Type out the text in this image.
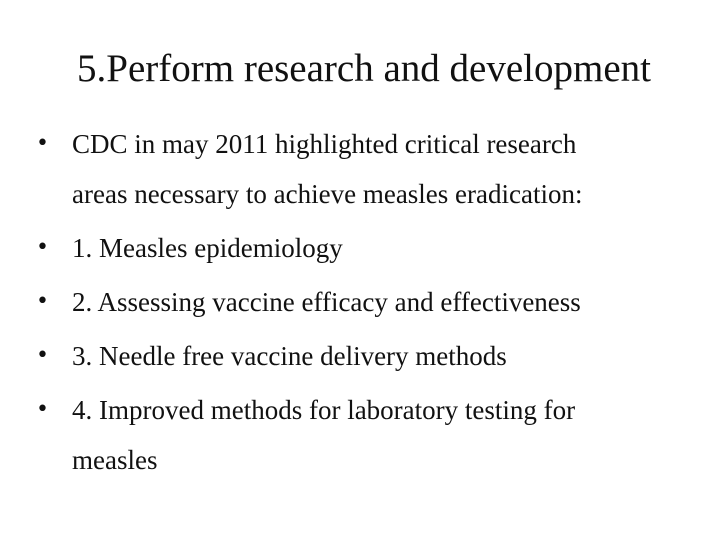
5.Perform research and development
• CDC in may 2011 highlighted critical research
areas necessary to achieve measles eradication:
• 1. Measles epidemiology
• 2. Assessing vaccine efficacy and effectiveness
• 3. Needle free vaccine delivery methods
• 4. Improved methods for laboratory testing for
measles
